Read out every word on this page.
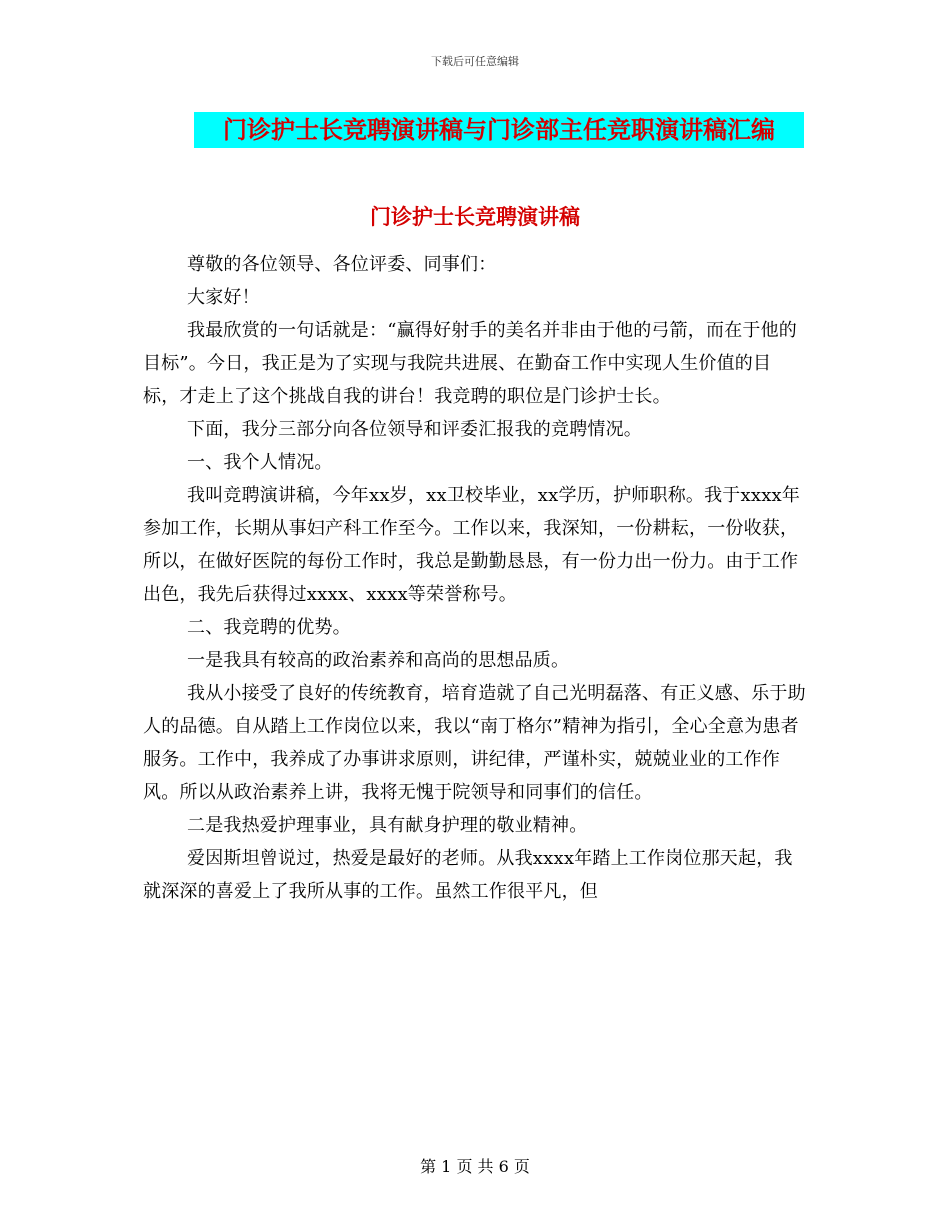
下载后可任意编辑
门诊护士长竞聘演讲稿与门诊部主任竞职演讲稿汇编
门诊护士长竞聘演讲稿

尊敬的各位领导、各位评委、同事们：

大家好！

我最欣赏的一句话就是：“赢得好射手的美名并非由于他的弓箭，而在于他的目标”。今日，我正是为了实现与我院共进展、在勤奋工作中实现人生价值的目标，才走上了这个挑战自我的讲台！我竞聘的职位是门诊护士长。

下面，我分三部分向各位领导和评委汇报我的竞聘情况。

一、我个人情况。

我叫竞聘演讲稿，今年xx岁，xx卫校毕业，xx学历，护师职称。我于xxxx年参加工作，长期从事妇产科工作至今。工作以来，我深知，一份耕耘，一份收获，所以，在做好医院的每份工作时，我总是勤勤恳恳，有一份力出一份力。由于工作出色，我先后获得过xxxx、xxxx等荣誉称号。

二、我竞聘的优势。

一是我具有较高的政治素养和高尚的思想品质。

我从小接受了良好的传统教育，培育造就了自己光明磊落、有正义感、乐于助人的品德。自从踏上工作岗位以来，我以“南丁格尔”精神为指引，全心全意为患者服务。工作中，我养成了办事讲求原则，讲纪律，严谨朴实，兢兢业业的工作作风。所以从政治素养上讲，我将无愧于院领导和同事们的信任。

二是我热爱护理事业，具有献身护理的敬业精神。

爱因斯坦曾说过，热爱是最好的老师。从我xxxx年踏上工作岗位那天起，我就深深的喜爱上了我所从事的工作。虽然工作很平凡，但

第 1 页 共 6 页
